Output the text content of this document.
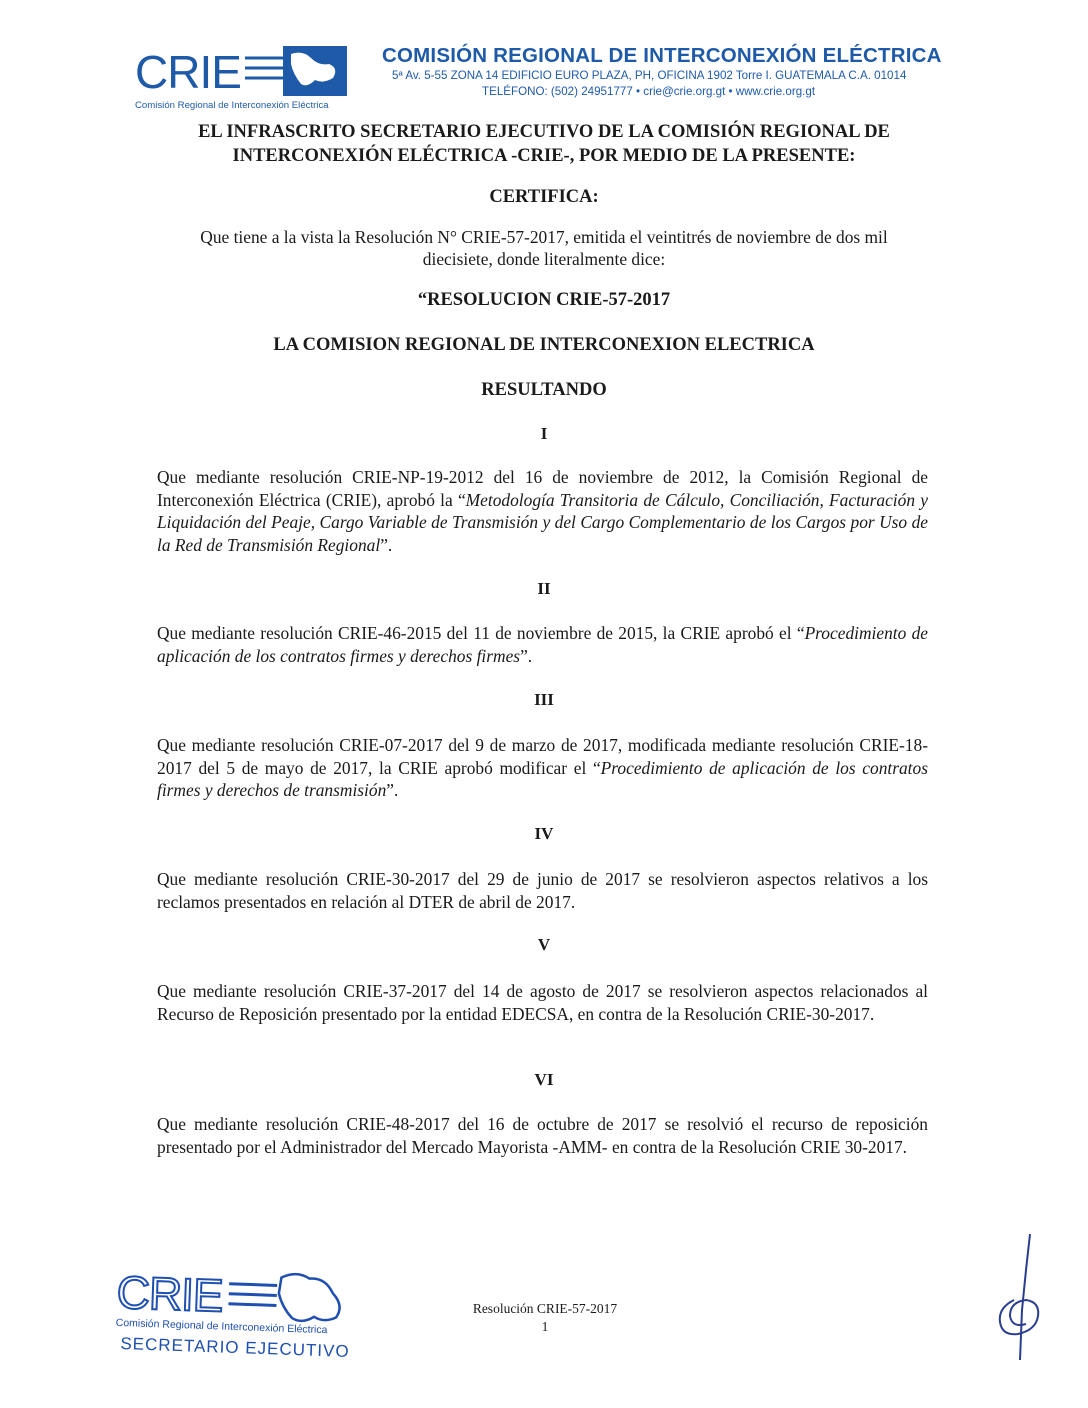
CRIE
Comisión Regional de Interconexión Eléctrica
COMISIÓN REGIONAL DE INTERCONEXIÓN ELÉCTRICA
5ª Av. 5-55 ZONA 14 EDIFICIO EURO PLAZA, PH, OFICINA 1902 Torre I. GUATEMALA C.A. 01014
TELÉFONO: (502) 24951777 • crie@crie.org.gt • www.crie.org.gt
EL INFRASCRITO SECRETARIO EJECUTIVO DE LA COMISIÓN REGIONAL DE
INTERCONEXIÓN ELÉCTRICA -CRIE-, POR MEDIO DE LA PRESENTE:
CERTIFICA:
Que tiene a la vista la Resolución N° CRIE-57-2017, emitida el veintitrés de noviembre de dos mil
diecisiete, donde literalmente dice:
“RESOLUCION CRIE-57-2017
LA COMISION REGIONAL DE INTERCONEXION ELECTRICA
RESULTANDO
I
Que mediante resolución CRIE-NP-19-2012 del 16 de noviembre de 2012, la Comisión Regional de Interconexión Eléctrica (CRIE), aprobó la “Metodología Transitoria de Cálculo, Conciliación, Facturación y Liquidación del Peaje, Cargo Variable de Transmisión y del Cargo Complementario de los Cargos por Uso de la Red de Transmisión Regional”.
II
Que mediante resolución CRIE-46-2015 del 11 de noviembre de 2015, la CRIE aprobó el “Procedimiento de aplicación de los contratos firmes y derechos firmes”.
III
Que mediante resolución CRIE-07-2017 del 9 de marzo de 2017, modificada mediante resolución CRIE-18-2017 del 5 de mayo de 2017, la CRIE aprobó modificar el “Procedimiento de aplicación de los contratos firmes y derechos de transmisión”.
IV
Que mediante resolución CRIE-30-2017 del 29 de junio de 2017 se resolvieron aspectos relativos a los reclamos presentados en relación al DTER de abril de 2017.
V
Que mediante resolución CRIE-37-2017 del 14 de agosto de 2017 se resolvieron aspectos relacionados al Recurso de Reposición presentado por la entidad EDECSA, en contra de la Resolución CRIE-30-2017.
VI
Que mediante resolución CRIE-48-2017 del 16 de octubre de 2017 se resolvió el recurso de reposición presentado por el Administrador del Mercado Mayorista -AMM- en contra de la Resolución CRIE 30-2017.
CRIE
Comisión Regional de Interconexión Eléctrica
SECRETARIO EJECUTIVO
Resolución CRIE-57-2017
1
